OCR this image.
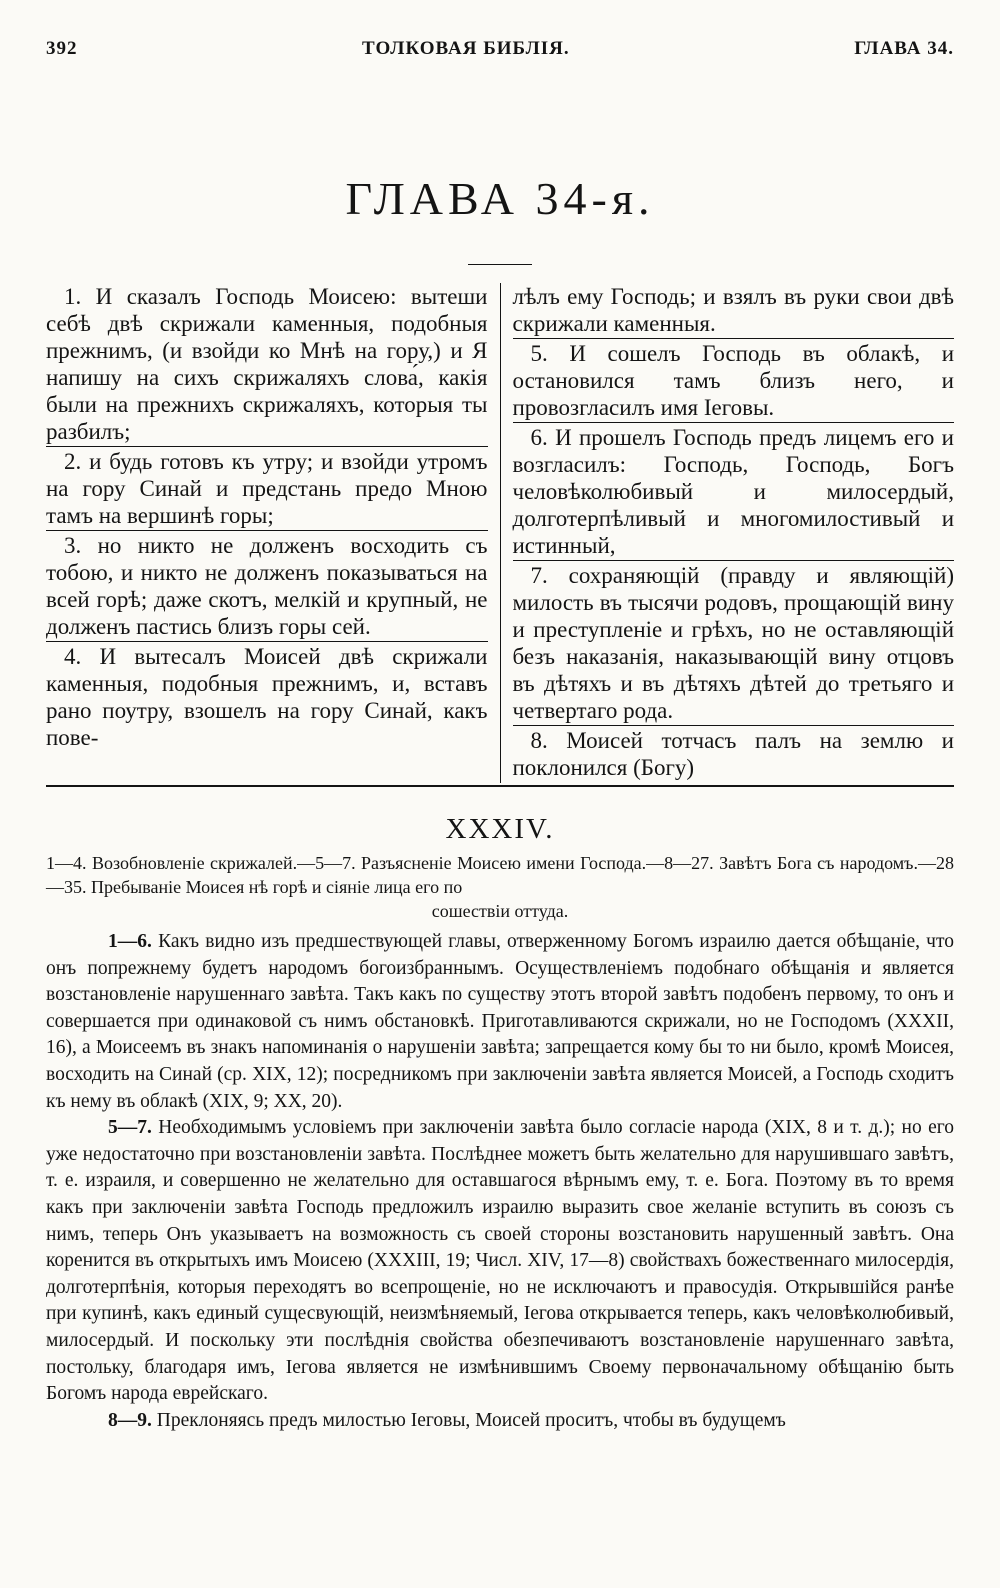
392	ТОЛКОВАЯ БИБЛІЯ.	ГЛАВА 34.
ГЛАВА 34-я.

1. И сказалъ Господь Моисею: вытеши себѣ двѣ скрижали каменныя, подобныя прежнимъ, (и взойди ко Мнѣ на гору,) и Я напишу на сихъ скрижаляхъ слова́, какія были на прежнихъ скрижаляхъ, которыя ты разбилъ;

2. и будь готовъ къ утру; и взойди утромъ на гору Синай и предстань предо Мною тамъ на вершинѣ горы;

3. но никто не долженъ восходить съ тобою, и никто не долженъ показываться на всей горѣ; даже скотъ, мелкій и крупный, не долженъ пастись близъ горы сей.

4. И вытесалъ Моисей двѣ скрижали каменныя, подобныя прежнимъ, и, вставъ рано поутру, взошелъ на гору Синай, какъ пове-

лѣлъ ему Господь; и взялъ въ руки свои двѣ скрижали каменныя.

5. И сошелъ Господь въ облакѣ, и остановился тамъ близъ него, и провозгласилъ имя Іеговы.

6. И прошелъ Господь предъ лицемъ его и возгласилъ: Господь, Господь, Богъ человѣколюбивый и милосердый, долготерпѣливый и многомилостивый и истинный,

7. сохраняющій (правду и являющій) милость въ тысячи родовъ, прощающій вину и преступленіе и грѣхъ, но не оставляющій безъ наказанія, наказывающій вину отцовъ въ дѣтяхъ и въ дѣтяхъ дѣтей до третьяго и четвертаго рода.

8. Моисей тотчасъ палъ на землю и поклонился (Богу)

XXXIV.
1—4. Возобновленіе скрижалей.—5—7. Разъясненіе Моисею имени Господа.—8—27. Завѣтъ Бога съ народомъ.—28—35. Пребываніе Моисея нѣ горѣ и сіяніе лица его по
сошествіи оттуда.

1—6. Какъ видно изъ предшествующей главы, отверженному Богомъ израилю дается обѣщаніе, что онъ попрежнему будетъ народомъ богоизбраннымъ. Осуществленіемъ подобнаго обѣщанія и является возстановленіе нарушеннаго завѣта. Такъ какъ по существу этотъ второй завѣтъ подобенъ первому, то онъ и совершается при одинаковой съ нимъ обстановкѣ. Приготавливаются скрижали, но не Господомъ (XXXII, 16), а Моисеемъ въ знакъ напоминанія о нарушеніи завѣта; запрещается кому бы то ни было, кромѣ Моисея, восходить на Синай (ср. XIX, 12); посредникомъ при заключеніи завѣта является Моисей, а Господь сходитъ къ нему въ облакѣ (XIX, 9; XX, 20).

5—7. Необходимымъ условіемъ при заключеніи завѣта было согласіе народа (XIX, 8 и т. д.); но его уже недостаточно при возстановленіи завѣта. Послѣднее можетъ быть желательно для нарушившаго завѣтъ, т. е. израиля, и совершенно не желательно для оставшагося вѣрнымъ ему, т. е. Бога. Поэтому въ то время какъ при заключеніи завѣта Господь предложилъ израилю выразить свое желаніе вступить въ союзъ съ нимъ, теперь Онъ указываетъ на возможность съ своей стороны возстановить нарушенный завѣтъ. Она коренится въ открытыхъ имъ Моисею (XXXIII, 19; Числ. XIV, 17—8) свойствахъ божественнаго милосердія, долготерпѣнія, которыя переходятъ во всепрощеніе, но не исключаютъ и правосудія. Открывшійся ранѣе при купинѣ, какъ единый сущесвующій, неизмѣняемый, Іегова открывается теперь, какъ человѣколюбивый, милосердый. И поскольку эти послѣднія свойства обезпечиваютъ возстановленіе нарушеннаго завѣта, постольку, благодаря имъ, Іегова является не измѣнившимъ Своему первоначальному обѣщанію быть Богомъ народа еврейскаго.

8—9. Преклоняясь предъ милостью Іеговы, Моисей проситъ, чтобы въ будущемъ
